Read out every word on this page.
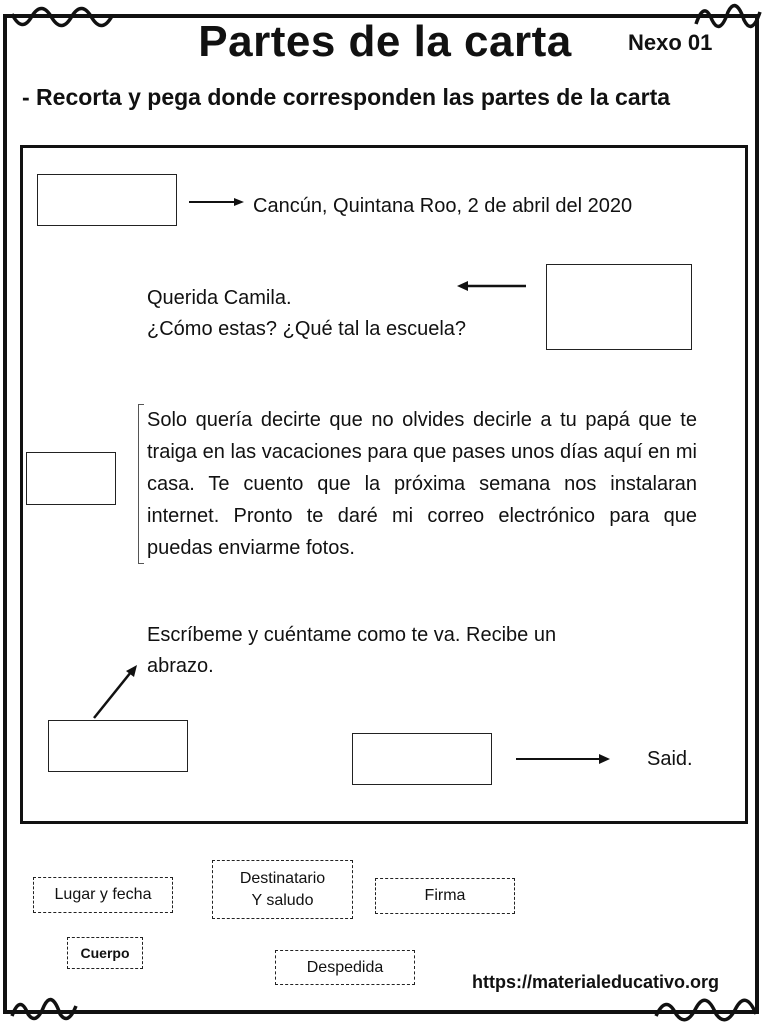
Partes de la carta	Nexo 01
- Recorta y pega donde corresponden las partes de la carta
Cancún, Quintana Roo, 2 de abril del 2020
Querida Camila.
¿Cómo estas? ¿Qué tal la escuela?
Solo quería decirte que no olvides decirle a tu papá que te traiga en las vacaciones para que pases unos días aquí en mi casa. Te cuento que la próxima semana nos instalaran internet. Pronto te daré mi correo electrónico para que puedas enviarme fotos.
Escríbeme y cuéntame como te va. Recibe un
abrazo.
Said.
Lugar y fecha
Destinatario
Y saludo	Firma
Cuerpo
Despedida
https://materialeducativo.org
